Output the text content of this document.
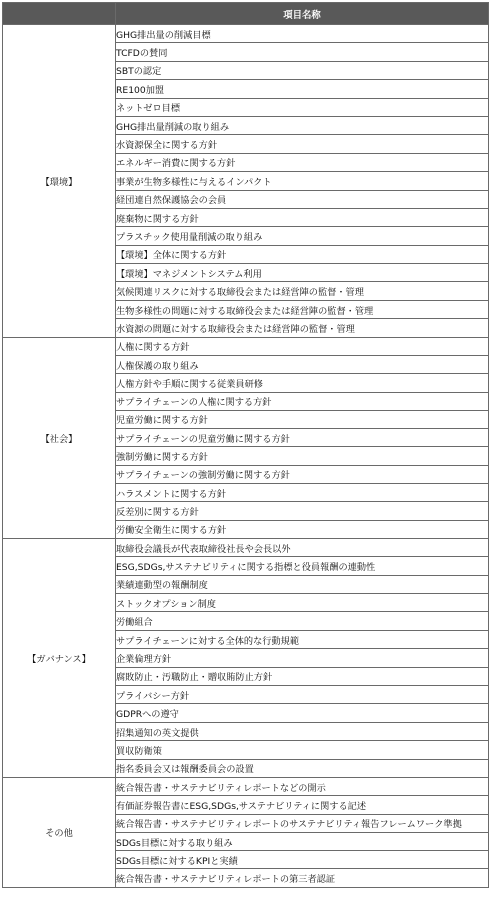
	項目名称
【環境】	GHG排出量の削減目標
	TCFDの賛同
	SBTの認定
	RE100加盟
	ネットゼロ目標
	GHG排出量削減の取り組み
	水資源保全に関する方針
	エネルギー消費に関する方針
	事業が生物多様性に与えるインパクト
	経団連自然保護協会の会員
	廃棄物に関する方針
	プラスチック使用量削減の取り組み
	【環境】全体に関する方針
	【環境】マネジメントシステム利用
	気候関連リスクに対する取締役会または経営陣の監督・管理
	生物多様性の問題に対する取締役会または経営陣の監督・管理
	水資源の問題に対する取締役会または経営陣の監督・管理
【社会】	人権に関する方針
	人権保護の取り組み
	人権方針や手順に関する従業員研修
	サプライチェーンの人権に関する方針
	児童労働に関する方針
	サプライチェーンの児童労働に関する方針
	強制労働に関する方針
	サプライチェーンの強制労働に関する方針
	ハラスメントに関する方針
	反差別に関する方針
	労働安全衛生に関する方針
【ガバナンス】	取締役会議長が代表取締役社長や会長以外
	ESG,SDGs,サステナビリティに関する指標と役員報酬の連動性
	業績連動型の報酬制度
	ストックオプション制度
	労働組合
	サプライチェーンに対する全体的な行動規範
	企業倫理方針
	腐敗防止・汚職防止・贈収賄防止方針
	プライバシー方針
	GDPRへの遵守
	招集通知の英文提供
	買収防衛策
	指名委員会又は報酬委員会の設置
その他	統合報告書・サステナビリティレポートなどの開示
	有価証券報告書にESG,SDGs,サステナビリティに関する記述
	統合報告書・サステナビリティレポートのサステナビリティ報告フレームワーク準拠
	SDGs目標に対する取り組み
	SDGs目標に対するKPIと実績
	統合報告書・サステナビリティレポートの第三者認証
